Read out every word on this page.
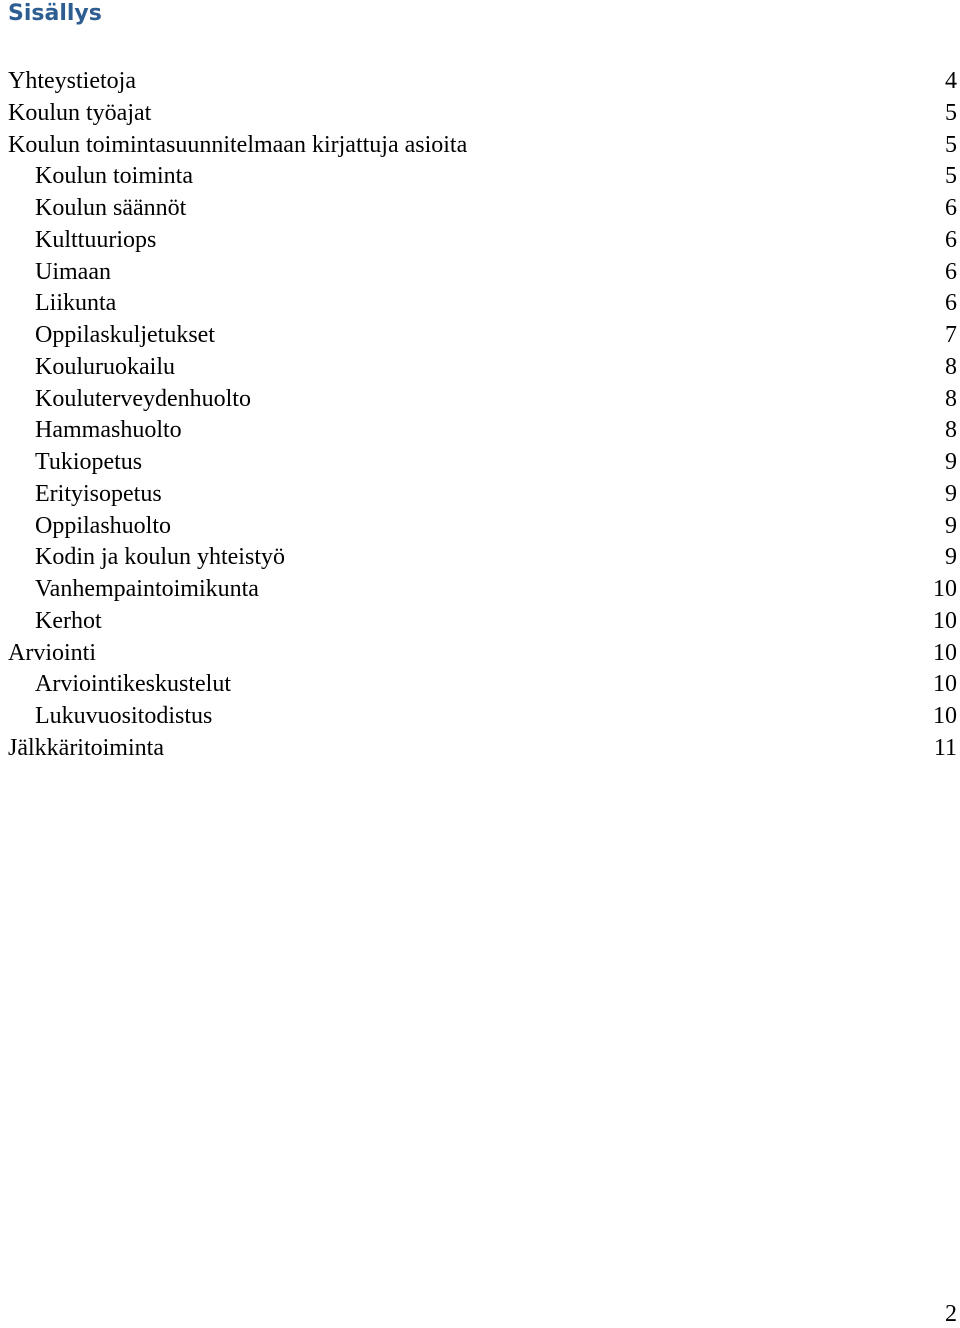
Sisällys
Yhteystietoja	4
Koulun työajat	5
Koulun toimintasuunnitelmaan kirjattuja asioita	5
Koulun toiminta	5
Koulun säännöt	6
Kulttuuriops	6
Uimaan	6
Liikunta	6
Oppilaskuljetukset	7
Kouluruokailu	8
Kouluterveydenhuolto	8
Hammashuolto	8
Tukiopetus	9
Erityisopetus	9
Oppilashuolto	9
Kodin ja koulun yhteistyö	9
Vanhempaintoimikunta	10
Kerhot	10
Arviointi	10
Arviointikeskustelut	10
Lukuvuositodistus	10
Jälkkäritoiminta	11
2
